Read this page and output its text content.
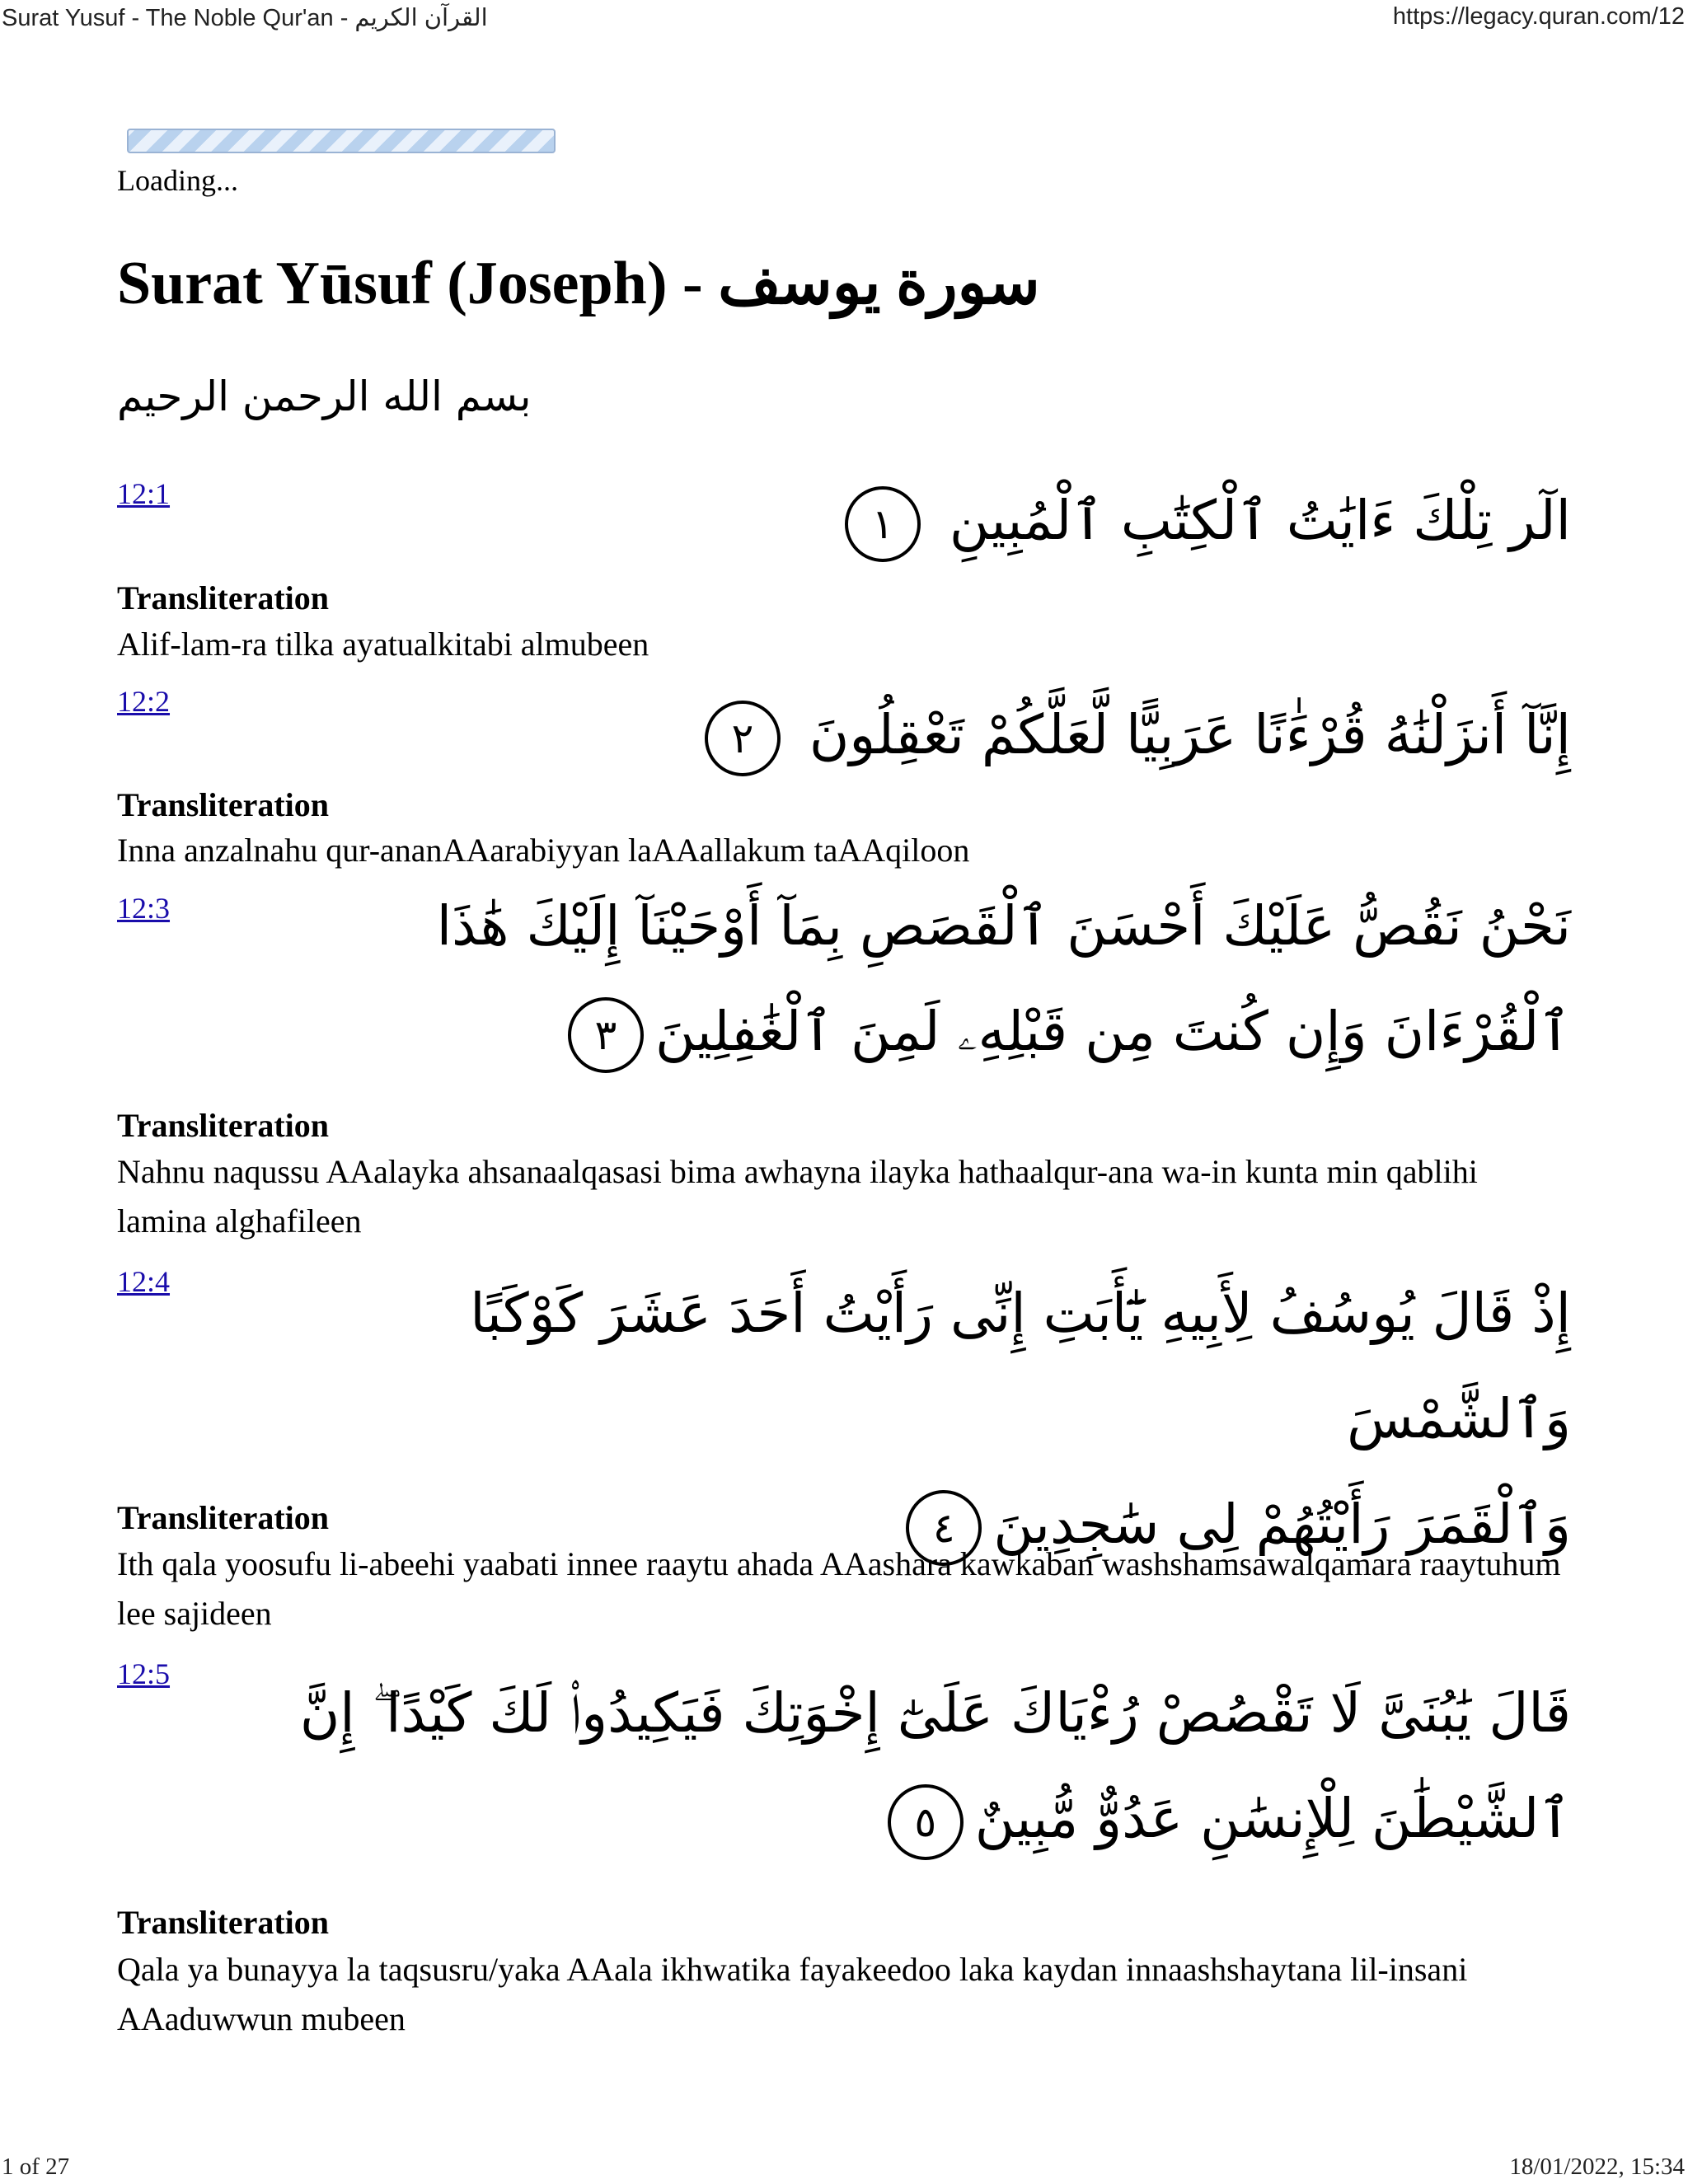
Surat Yusuf - The Noble Qur'an - القرآن الكريم	https://legacy.quran.com/12
Loading...
Surat Yūsuf (Joseph) - سورة يوسف
بسم الله الرحمن الرحيم
12:1	الٓر تِلْكَ ءَايَٰتُ ٱلْكِتَٰبِ ٱلْمُبِينِ ١
Transliteration
Alif-lam-ra tilka ayatualkitabi almubeen
12:2
إِنَّآ أَنزَلْنَٰهُ قُرْءَٰنًا عَرَبِيًّا لَّعَلَّكُمْ تَعْقِلُونَ ٢
Transliteration
Inna anzalnahu qur-ananAAarabiyyan laAAallakum taAAqiloon
12:3	نَحْنُ نَقُصُّ عَلَيْكَ أَحْسَنَ ٱلْقَصَصِ بِمَآ أَوْحَيْنَآ إِلَيْكَ هَٰذَا
ٱلْقُرْءَانَ وَإِن كُنتَ مِن قَبْلِهِۦ لَمِنَ ٱلْغَٰفِلِينَ٣
Transliteration
Nahnu naqussu AAalayka ahsanaalqasasi bima awhayna ilayka hathaalqur-ana wa-in kunta min qablihi lamina alghafileen
12:4	إِذْ قَالَ يُوسُفُ لِأَبِيهِ يَٰٓأَبَتِ إِنِّى رَأَيْتُ أَحَدَ عَشَرَ كَوْكَبًا وَٱلشَّمْسَ
وَٱلْقَمَرَ رَأَيْتُهُمْ لِى سَٰجِدِينَ٤
Transliteration
Ith qala yoosufu li-abeehi yaabati innee raaytu ahada AAashara kawkaban washshamsawalqamara raaytuhum lee sajideen
12:5
قَالَ يَٰبُنَىَّ لَا تَقْصُصْ رُءْيَاكَ عَلَىٰٓ إِخْوَتِكَ فَيَكِيدُوا۟ لَكَ كَيْدًا ۖ إِنَّ
ٱلشَّيْطَٰنَ لِلْإِنسَٰنِ عَدُوٌّ مُّبِينٌ٥
Transliteration
Qala ya bunayya la taqsusru/yaka AAala ikhwatika fayakeedoo laka kaydan innaashshaytana lil-insani AAaduwwun mubeen
1 of 27	18/01/2022, 15:34
